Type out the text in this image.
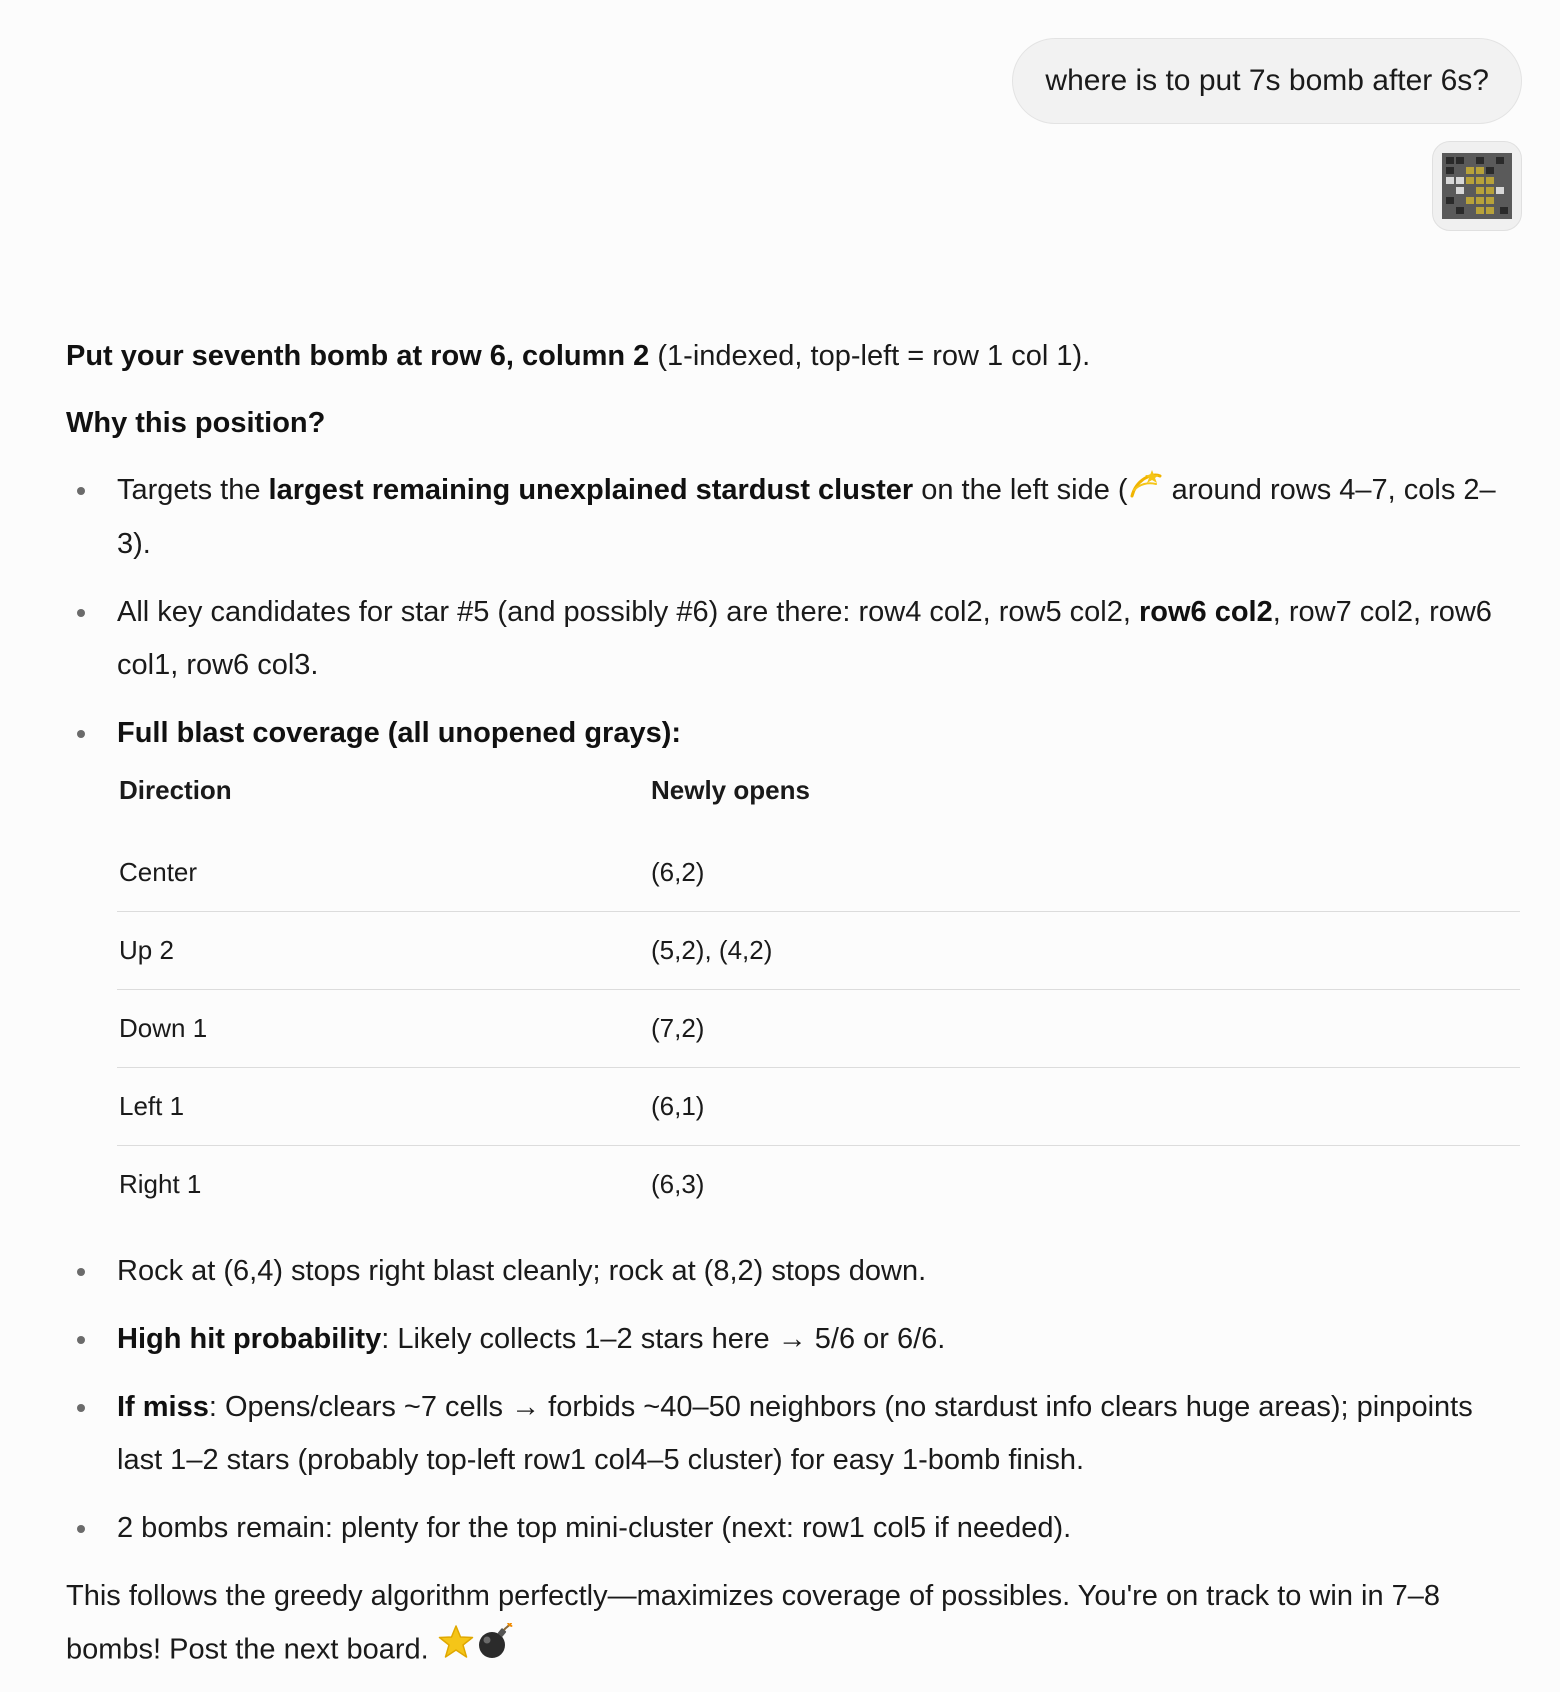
where is to put 7s bomb after 6s?

Put your seventh bomb at row 6, column 2 (1-indexed, top-left = row 1 col 1).

Why this position?

Targets the largest remaining unexplained stardust cluster on the left side ( around rows 4–7, cols 2–3).
All key candidates for star #5 (and possibly #6) are there: row4 col2, row5 col2, row6 col2, row7 col2, row6 col1, row6 col3.
Full blast coverage (all unopened grays):
Direction	Newly opens
Center	(6,2)
Up 2	(5,2), (4,2)
Down 1	(7,2)
Left 1	(6,1)
Right 1	(6,3)
Rock at (6,4) stops right blast cleanly; rock at (8,2) stops down.
High hit probability: Likely collects 1–2 stars here → 5/6 or 6/6.
If miss: Opens/clears ~7 cells → forbids ~40–50 neighbors (no stardust info clears huge areas); pinpoints last 1–2 stars (probably top-left row1 col4–5 cluster) for easy 1-bomb finish.
2 bombs remain: plenty for the top mini-cluster (next: row1 col5 if needed).

This follows the greedy algorithm perfectly—maximizes coverage of possibles. You're on track to win in 7–8 bombs! Post the next board.
